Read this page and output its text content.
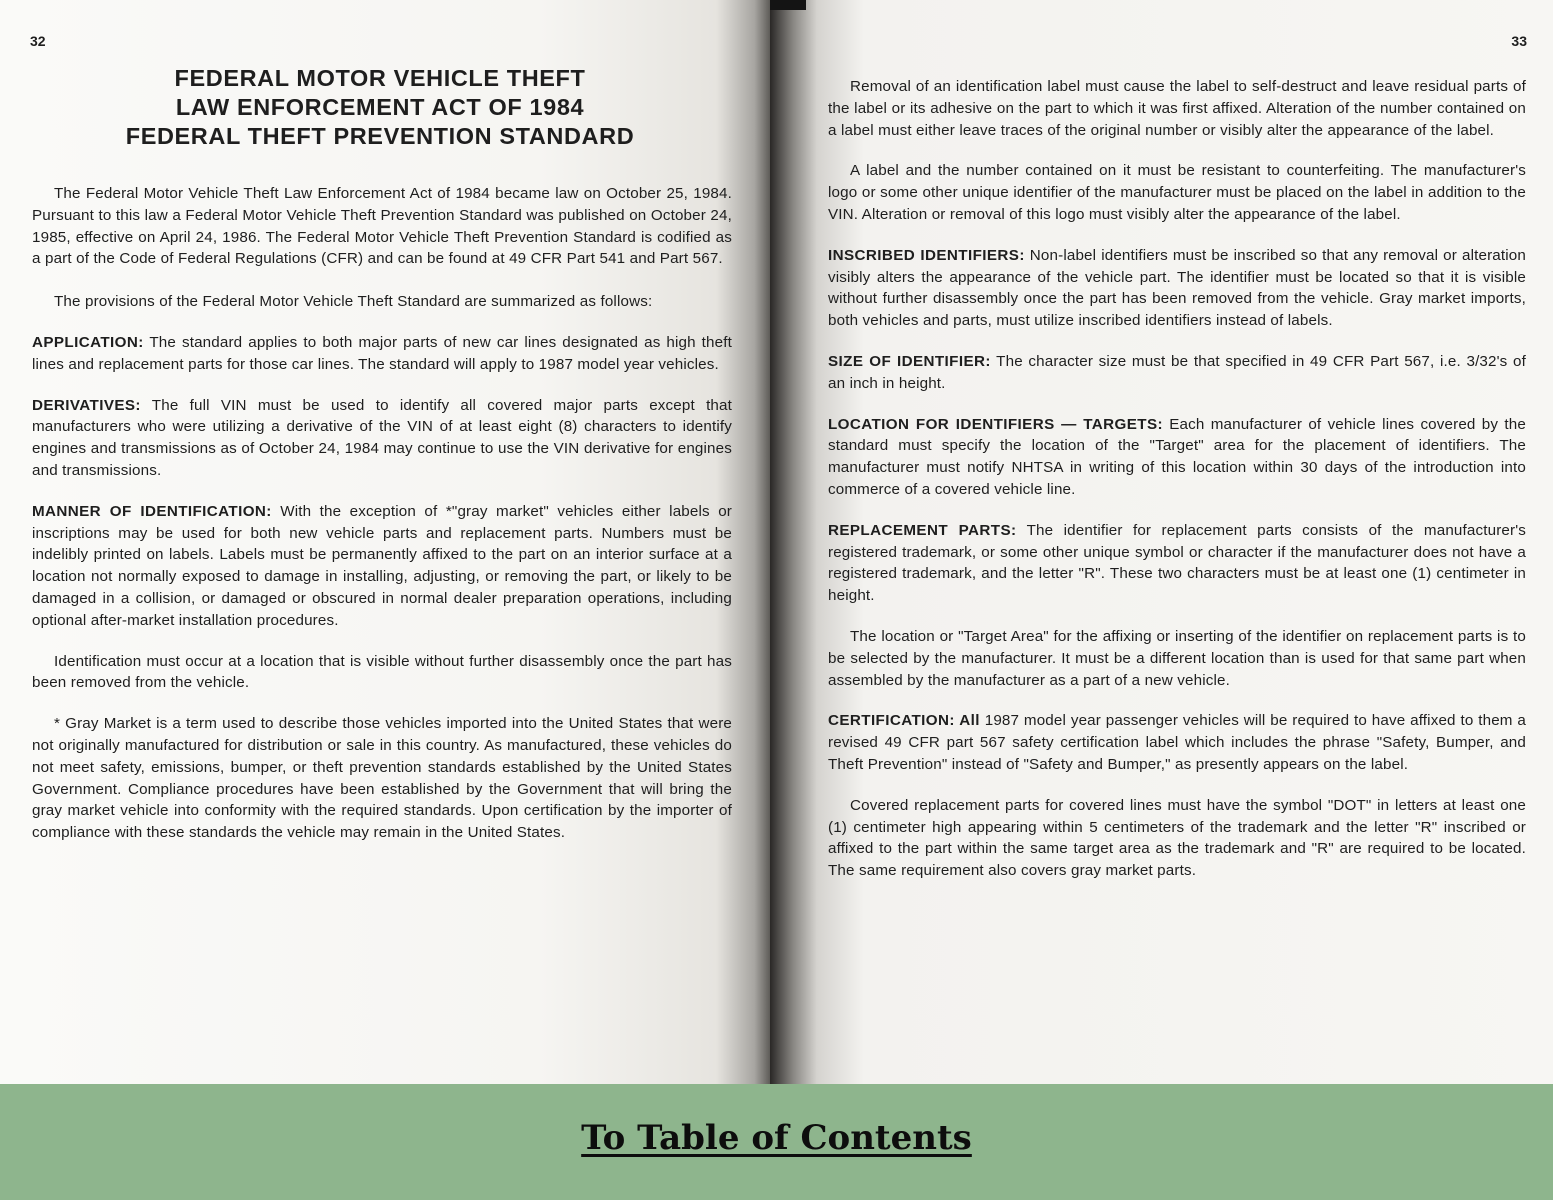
32

FEDERAL MOTOR VEHICLE THEFT

LAW ENFORCEMENT ACT OF 1984

FEDERAL THEFT PREVENTION STANDARD

The Federal Motor Vehicle Theft Law Enforcement Act of 1984 became law on October 25, 1984. Pursuant to this law a Federal Motor Vehicle Theft Prevention Standard was published on October 24, 1985, effective on April 24, 1986. The Federal Motor Vehicle Theft Prevention Standard is codified as a part of the Code of Federal Regulations (CFR) and can be found at 49 CFR Part 541 and Part 567.

The provisions of the Federal Motor Vehicle Theft Standard are summarized as follows:

APPLICATION: The standard applies to both major parts of new car lines designated as high theft lines and replacement parts for those car lines. The standard will apply to 1987 model year vehicles.

DERIVATIVES: The full VIN must be used to identify all covered major parts except that manufacturers who were utilizing a derivative of the VIN of at least eight (8) characters to identify engines and transmissions as of October 24, 1984 may continue to use the VIN derivative for engines and transmissions.

MANNER OF IDENTIFICATION: With the exception of *"gray market" vehicles either labels or inscriptions may be used for both new vehicle parts and replacement parts. Numbers must be indelibly printed on labels. Labels must be permanently affixed to the part on an interior surface at a location not normally exposed to damage in installing, adjusting, or removing the part, or likely to be damaged in a collision, or damaged or obscured in normal dealer preparation operations, including optional after-market installation procedures.

Identification must occur at a location that is visible without further disassembly once the part has been removed from the vehicle.

* Gray Market is a term used to describe those vehicles imported into the United States that were not originally manufactured for distribution or sale in this country. As manufactured, these vehicles do not meet safety, emissions, bumper, or theft prevention standards established by the United States Government. Compliance procedures have been established by the Government that will bring the gray market vehicle into conformity with the required standards. Upon certification by the importer of compliance with these standards the vehicle may remain in the United States.

33

Removal of an identification label must cause the label to self-destruct and leave residual parts of the label or its adhesive on the part to which it was first affixed. Alteration of the number contained on a label must either leave traces of the original number or visibly alter the appearance of the label.

A label and the number contained on it must be resistant to counterfeiting. The manufacturer's logo or some other unique identifier of the manufacturer must be placed on the label in addition to the VIN. Alteration or removal of this logo must visibly alter the appearance of the label.

INSCRIBED IDENTIFIERS: Non-label identifiers must be inscribed so that any removal or alteration visibly alters the appearance of the vehicle part. The identifier must be located so that it is visible without further disassembly once the part has been removed from the vehicle. Gray market imports, both vehicles and parts, must utilize inscribed identifiers instead of labels.

SIZE OF IDENTIFIER: The character size must be that specified in 49 CFR Part 567, i.e. 3/32's of an inch in height.

LOCATION FOR IDENTIFIERS — TARGETS: Each manufacturer of vehicle lines covered by the standard must specify the location of the "Target" area for the placement of identifiers. The manufacturer must notify NHTSA in writing of this location within 30 days of the introduction into commerce of a covered vehicle line.

REPLACEMENT PARTS: The identifier for replacement parts consists of the manufacturer's registered trademark, or some other unique symbol or character if the manufacturer does not have a registered trademark, and the letter "R". These two characters must be at least one (1) centimeter in height.

The location or "Target Area" for the affixing or inserting of the identifier on replacement parts is to be selected by the manufacturer. It must be a different location than is used for that same part when assembled by the manufacturer as a part of a new vehicle.

CERTIFICATION: All 1987 model year passenger vehicles will be required to have affixed to them a revised 49 CFR part 567 safety certification label which includes the phrase "Safety, Bumper, and Theft Prevention" instead of "Safety and Bumper," as presently appears on the label.

Covered replacement parts for covered lines must have the symbol "DOT" in letters at least one (1) centimeter high appearing within 5 centimeters of the trademark and the letter "R" inscribed or affixed to the part within the same target area as the trademark and "R" are required to be located. The same requirement also covers gray market parts.

To Table of Contents
